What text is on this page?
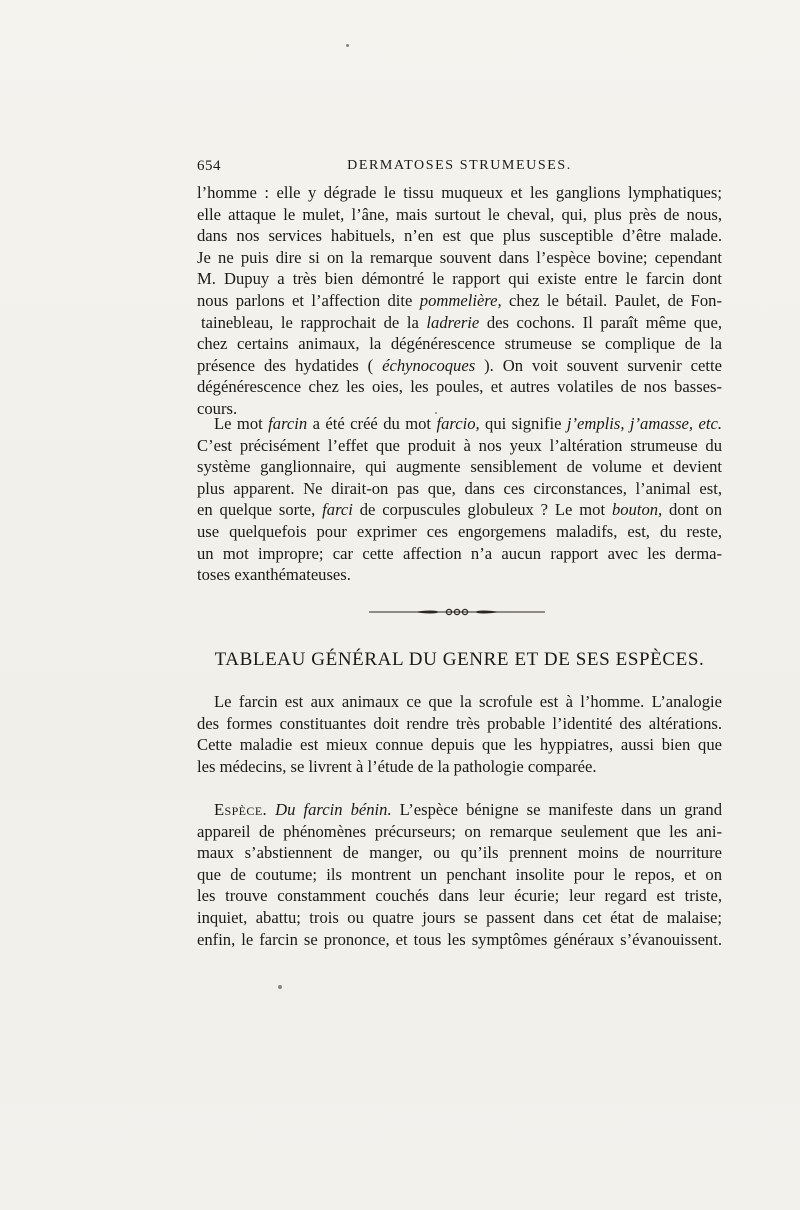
654	DERMATOSES STRUMEUSES.
l’homme : elle y dégrade le tissu muqueux et les ganglions lymphatiques;
elle attaque le mulet, l’âne, mais surtout le cheval, qui, plus près de nous,
dans nos services habituels, n’en est que plus susceptible d’être malade.
Je ne puis dire si on la remarque souvent dans l’espèce bovine; cependant
M. Dupuy a très bien démontré le rapport qui existe entre le farcin dont
nous parlons et l’affection dite pommelière, chez le bétail. Paulet, de Fon-
tainebleau, le rapprochait de la ladrerie des cochons. Il paraît même que,
chez certains animaux, la dégénérescence strumeuse se complique de la
présence des hydatides ( échynocoques ). On voit souvent survenir cette
dégénérescence chez les oies, les poules, et autres volatiles de nos basses-
cours.
Le mot farcin a été créé du mot farcio, qui signifie j’emplis, j’amasse, etc.
C’est précisément l’effet que produit à nos yeux l’altération strumeuse du
système ganglionnaire, qui augmente sensiblement de volume et devient
plus apparent. Ne dirait-on pas que, dans ces circonstances, l’animal est,
en quelque sorte, farci de corpuscules globuleux ? Le mot bouton, dont on
use quelquefois pour exprimer ces engorgemens maladifs, est, du reste,
un mot impropre; car cette affection n’a aucun rapport avec les derma-
toses exanthémateuses.
TABLEAU GÉNÉRAL DU GENRE ET DE SES ESPÈCES.
Le farcin est aux animaux ce que la scrofule est à l’homme. L’analogie
des formes constituantes doit rendre très probable l’identité des altérations.
Cette maladie est mieux connue depuis que les hyppiatres, aussi bien que
les médecins, se livrent à l’étude de la pathologie comparée.
Espèce. Du farcin bénin. L’espèce bénigne se manifeste dans un grand
appareil de phénomènes précurseurs; on remarque seulement que les ani-
maux s’abstiennent de manger, ou qu’ils prennent moins de nourriture
que de coutume; ils montrent un penchant insolite pour le repos, et on
les trouve constamment couchés dans leur écurie; leur regard est triste,
inquiet, abattu; trois ou quatre jours se passent dans cet état de malaise;
enfin, le farcin se prononce, et tous les symptômes généraux s’évanouissent.
